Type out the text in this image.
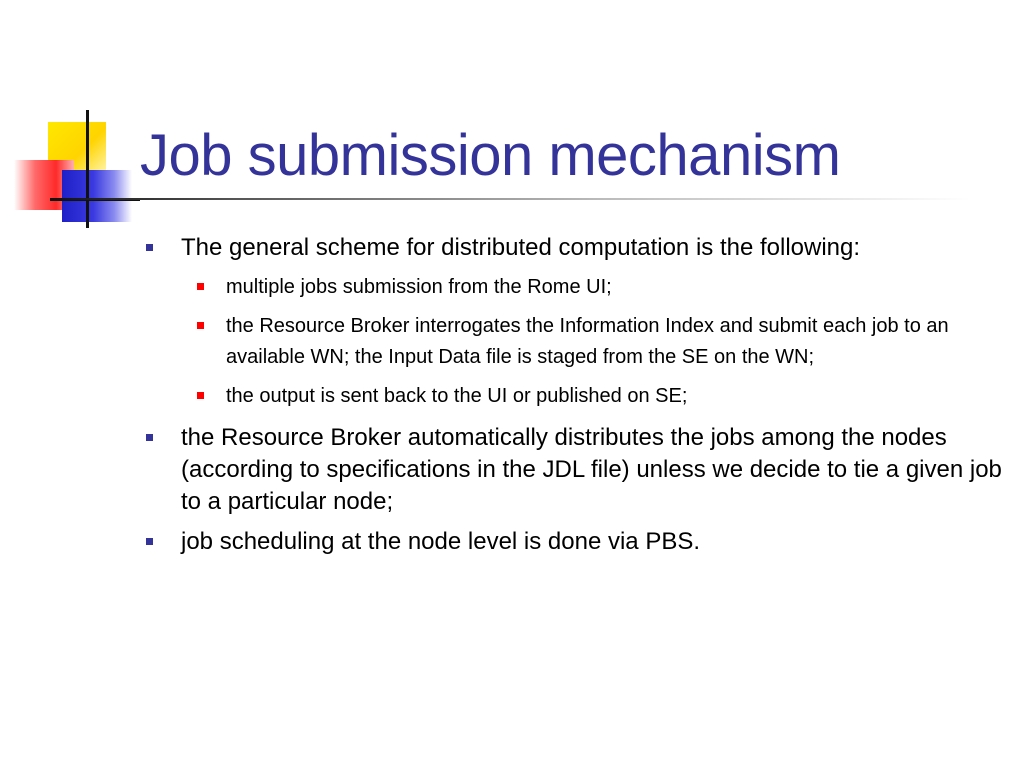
Job submission mechanism
The general scheme for distributed computation is the following:
multiple jobs submission from the Rome UI;
the Resource Broker interrogates the Information Index and submit each job to an available WN; the Input Data file is staged from the SE on the WN;
the output is sent back to the UI or published on SE;
the Resource Broker automatically distributes the jobs among the nodes (according to specifications in the JDL file) unless we decide to tie a given job to a particular node;
job scheduling at the node level is done via PBS.
